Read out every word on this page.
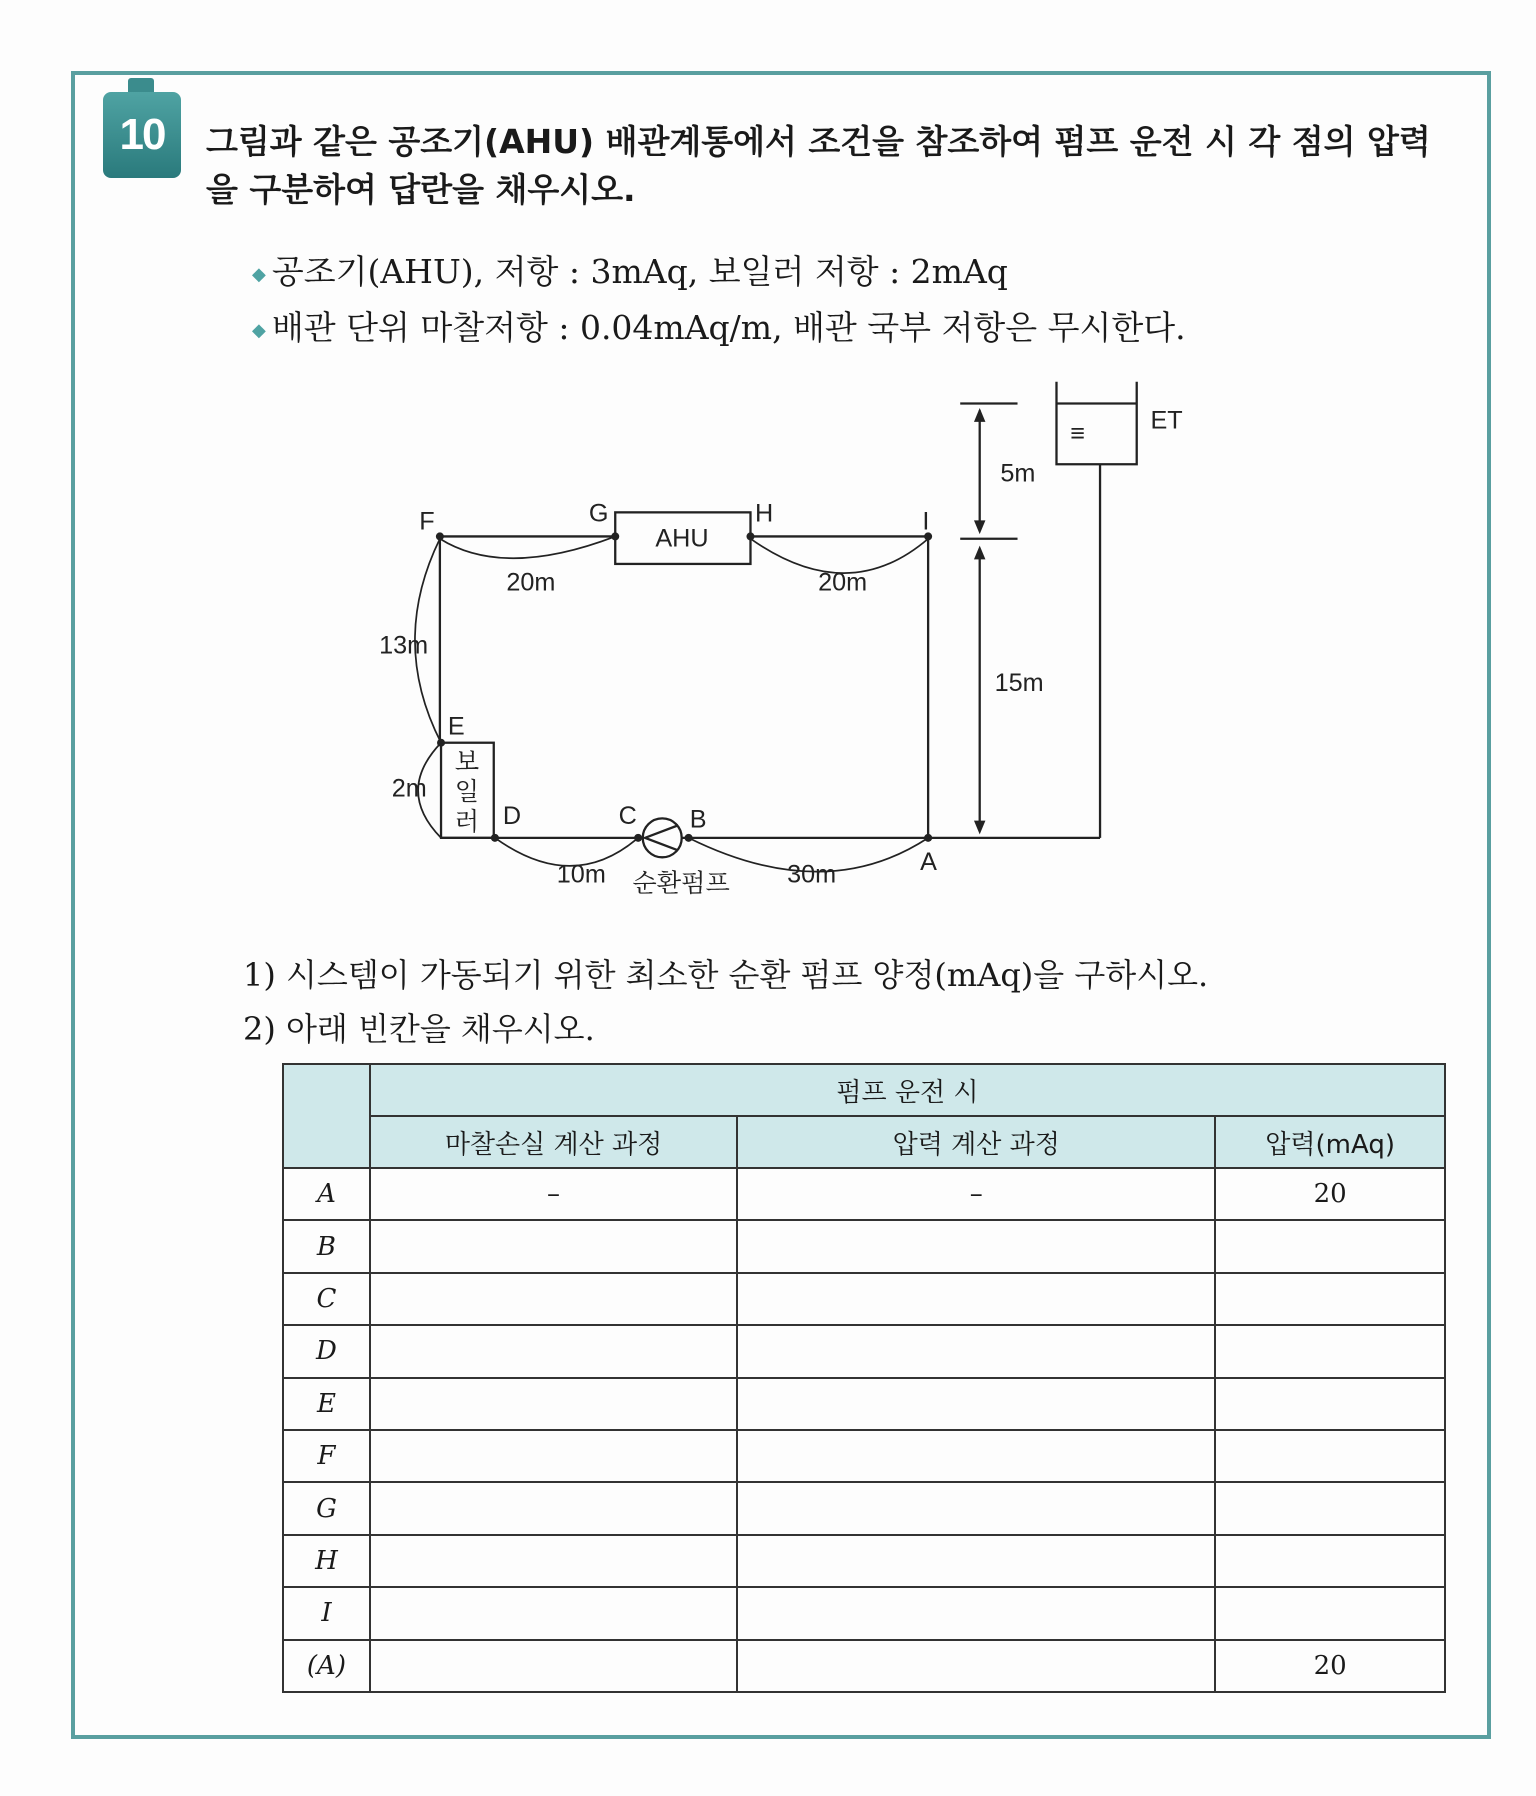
10	그림과 같은 공조기(AHU) 배관계통에서 조건을 참조하여 펌프 운전 시 각 점의 압력을 구분하여 답란을 채우시오.
◆ 공조기(AHU), 저항 : 3mAq, 보일러 저항 : 2mAq
◆ 배관 단위 마찰저항 : 0.04mAq/m, 배관 국부 저항은 무시한다.
F	G	H	I
E
D	C B
A
AHU
보
일
러
순환펌프
ET
≡
20m	20m
13m
2m
10m	30m
5m
15m
1) 시스템이 가동되기 위한 최소한 순환 펌프 양정(mAq)을 구하시오.
2) 아래 빈칸을 채우시오.
	펌프 운전 시		
	마찰손실 계산 과정	압력 계산 과정	압력(mAq)
A	–	–	20
B			
C			
D			
E			
F			
G			
H			
I			
(A)			20
